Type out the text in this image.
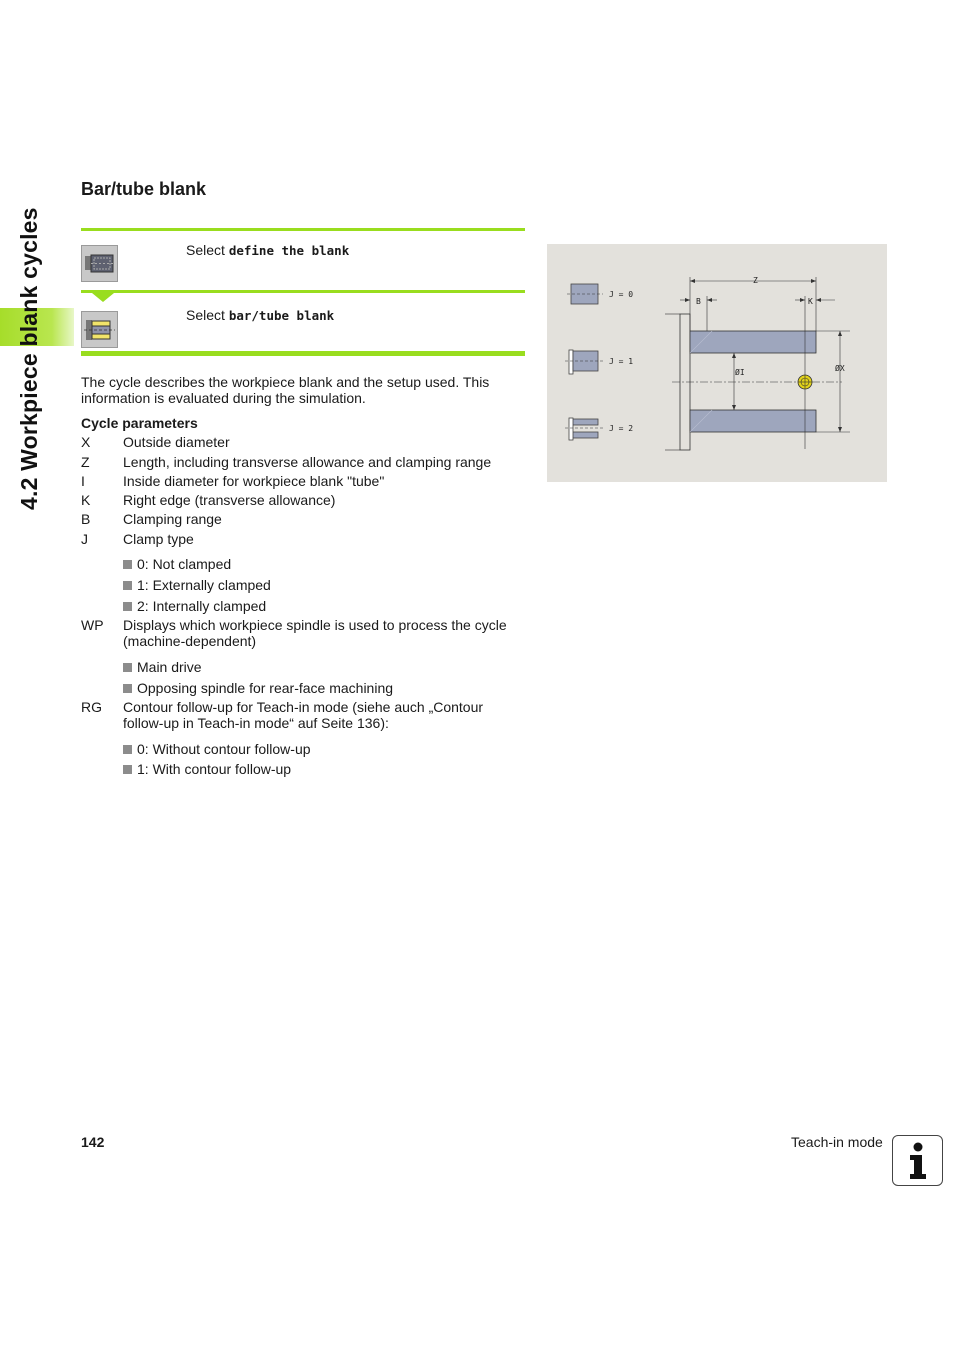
4.2 Workpiece blank cycles
Bar/tube blank
Select define the blank
Select bar/tube blank
The cycle describes the workpiece blank and the setup used. This
information is evaluated during the simulation.
Cycle parameters
X Outside diameter
Z Length, including transverse allowance and clamping range
I	Inside diameter for workpiece blank "tube"
K Right edge (transverse allowance)
B Clamping range
J	Clamp type
0: Not clamped
1: Externally clamped
2: Internally clamped
WP Displays which workpiece spindle is used to process the cycle
(machine-dependent)
Main drive
Opposing spindle for rear-face machining
RG Contour follow-up for Teach-in mode (siehe auch „Contour
follow-up in Teach-in mode“ auf Seite 136):
0: Without contour follow-up
1: With contour follow-up
J = 0
J = 1
J = 2
Z
B	K
ØI	ØX
142	Teach-in mode
